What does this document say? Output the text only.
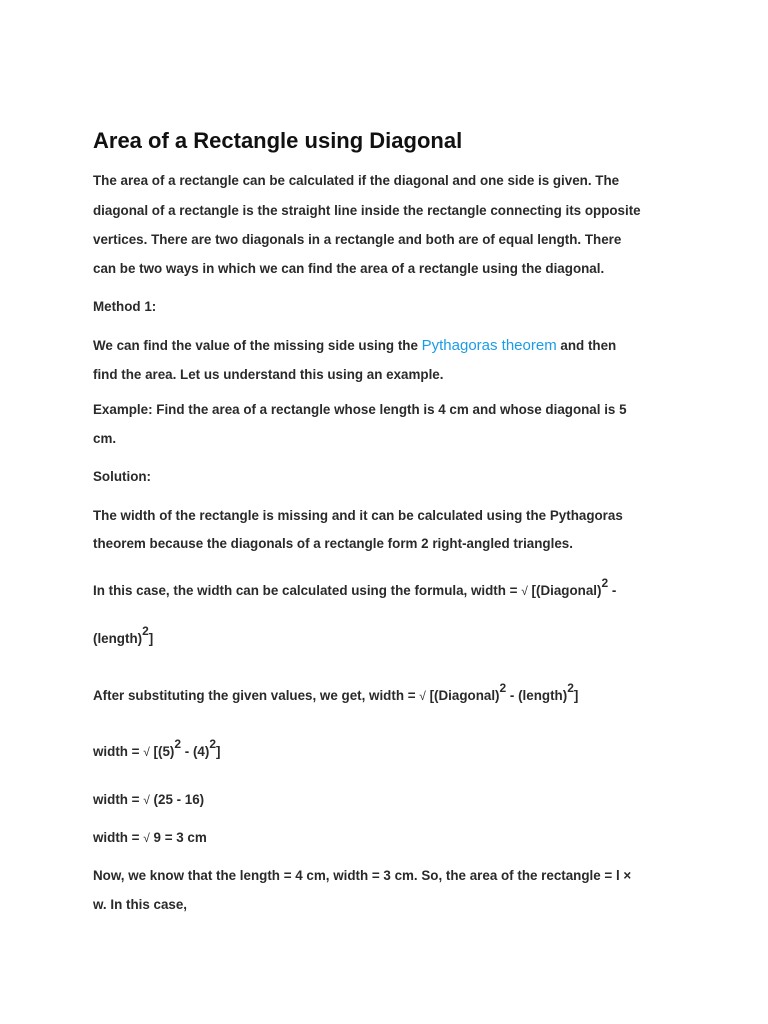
Area of a Rectangle using Diagonal
The area of a rectangle can be calculated if the diagonal and one side is given. The
diagonal of a rectangle is the straight line inside the rectangle connecting its opposite
vertices. There are two diagonals in a rectangle and both are of equal length. There
can be two ways in which we can find the area of a rectangle using the diagonal.
Method 1:
We can find the value of the missing side using the Pythagoras theorem and then
find the area. Let us understand this using an example.
Example: Find the area of a rectangle whose length is 4 cm and whose diagonal is 5
cm.
Solution:
The width of the rectangle is missing and it can be calculated using the Pythagoras
theorem because the diagonals of a rectangle form 2 right-angled triangles.
In this case, the width can be calculated using the formula, width = √ [(Diagonal)$^2$ -
(length)$^2$]
After substituting the given values, we get, width = √ [(Diagonal)$^2$ - (length)$^2$]
width = √ $[(5)^2 - (4)^2]$
width = √ (25 - 16)
width = √ 9 = 3 cm
Now, we know that the length = 4 cm, width = 3 cm. So, the area of the rectangle = l ×
w. In this case,
